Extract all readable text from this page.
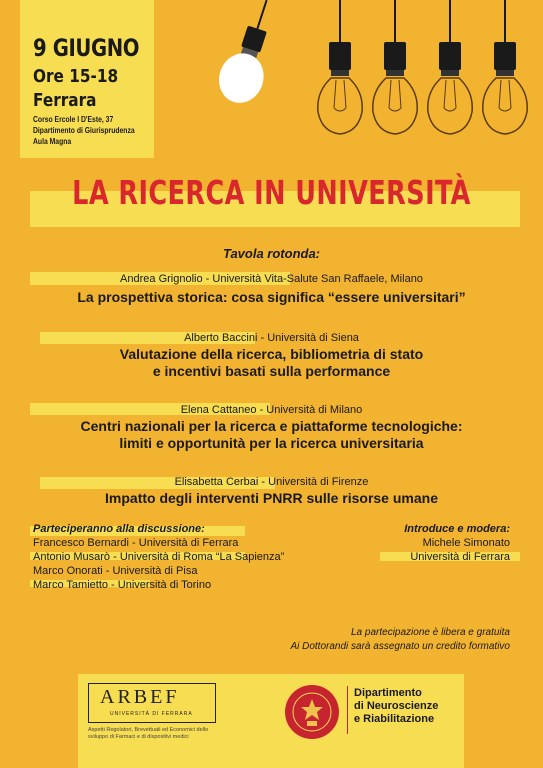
9 GIUGNO
Ore 15-18
Ferrara
Corso Ercole I D'Este, 37
Dipartimento di Giurisprudenza
Aula Magna
LA RICERCA IN UNIVERSITÀ
Tavola rotonda:
Andrea Grignolio - Università Vita-Salute San Raffaele, Milano
La prospettiva storica: cosa significa “essere universitari”
Alberto Baccini - Università di Siena
Valutazione della ricerca, bibliometria di stato
e incentivi basati sulla performance
Elena Cattaneo - Università di Milano
Centri nazionali per la ricerca e piattaforme tecnologiche:
limiti e opportunità per la ricerca universitaria
Elisabetta Cerbai - Università di Firenze
Impatto degli interventi PNRR sulle risorse umane
Parteciperanno alla discussione:
Francesco Bernardi - Università di Ferrara
Antonio Musarò - Università di Roma “La Sapienza”
Marco Onorati - Università di Pisa
Marco Tamietto - Università di Torino
Introduce e modera:
Michele Simonato
Università di Ferrara
La partecipazione è libera e gratuita
Ai Dottorandi sarà assegnato un credito formativo
ARBEF
UNIVERSITÀ DI FERRARA
Aspetti Regolatori, Brevettuali ed Economici dello sviluppo di Farmaci e di dispositivi medici
Dipartimento
di Neuroscienze
e Riabilitazione
